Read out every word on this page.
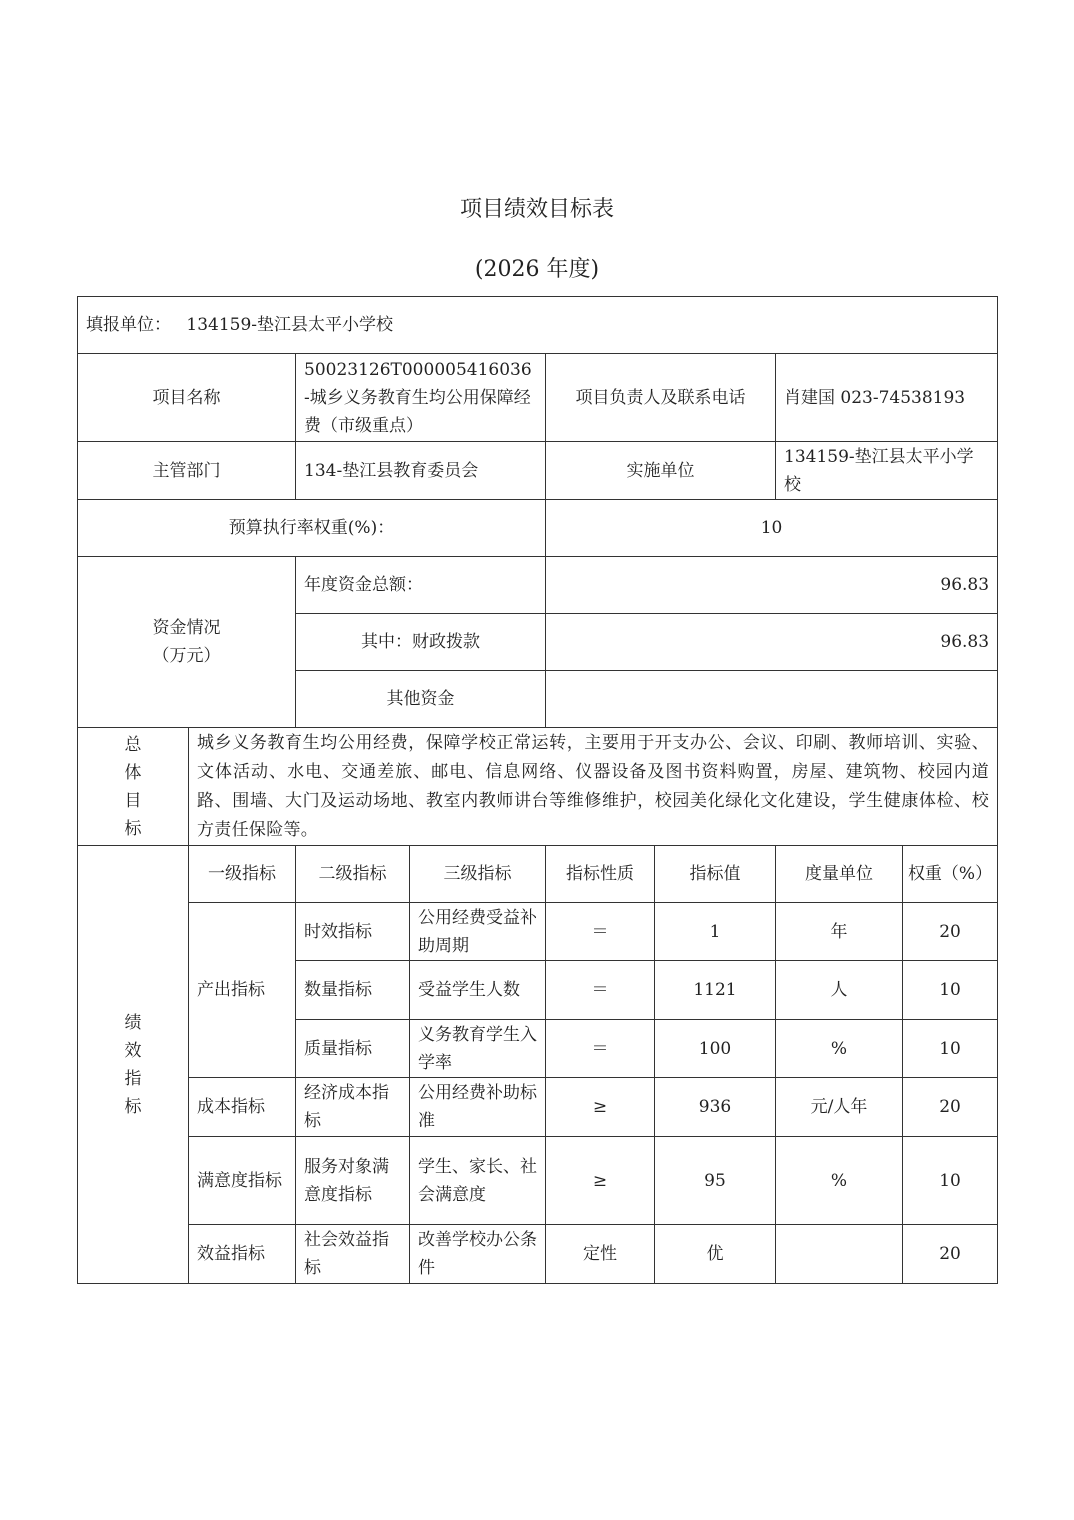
项目绩效目标表
(2026 年度)
填报单位： 134159-垫江县太平小学校							
项目名称		50023126T000005416036-城乡义务教育生均公用保障经费（市级重点）		项目负责人及联系电话		肖建国 023-74538193	
主管部门		134-垫江县教育委员会		实施单位		134159-垫江县太平小学校	
预算执行率权重(%)：				10			

资金情况
（万元）		年度资金总额：		96.83			
		其中：财政拨款		96.83			
		其他资金					

总
体
目
标	城乡义务教育生均公用经费，保障学校正常运转，主要用于开支办公、会议、印刷、教师培训、实验、文体活动、水电、交通差旅、邮电、信息网络、仪器设备及图书资料购置，房屋、建筑物、校园内道路、围墙、大门及运动场地、教室内教师讲台等维修维护，校园美化绿化文化建设，学生健康体检、校方责任保险等。						

绩
效
指
标	一级指标	二级指标	三级指标	指标性质	指标值	度量单位	权重（%）
	产出指标	时效指标	公用经费受益补助周期	＝	1	年	20
		数量指标	受益学生人数	＝	1121	人	10
		质量指标	义务教育学生入学率	＝	100	%	10
	成本指标	经济成本指标	公用经费补助标准	≥	936	元/人年	20
	满意度指标	服务对象满意度指标	学生、家长、社会满意度	≥	95	%	10
	效益指标	社会效益指标	改善学校办公条件	定性	优		20
